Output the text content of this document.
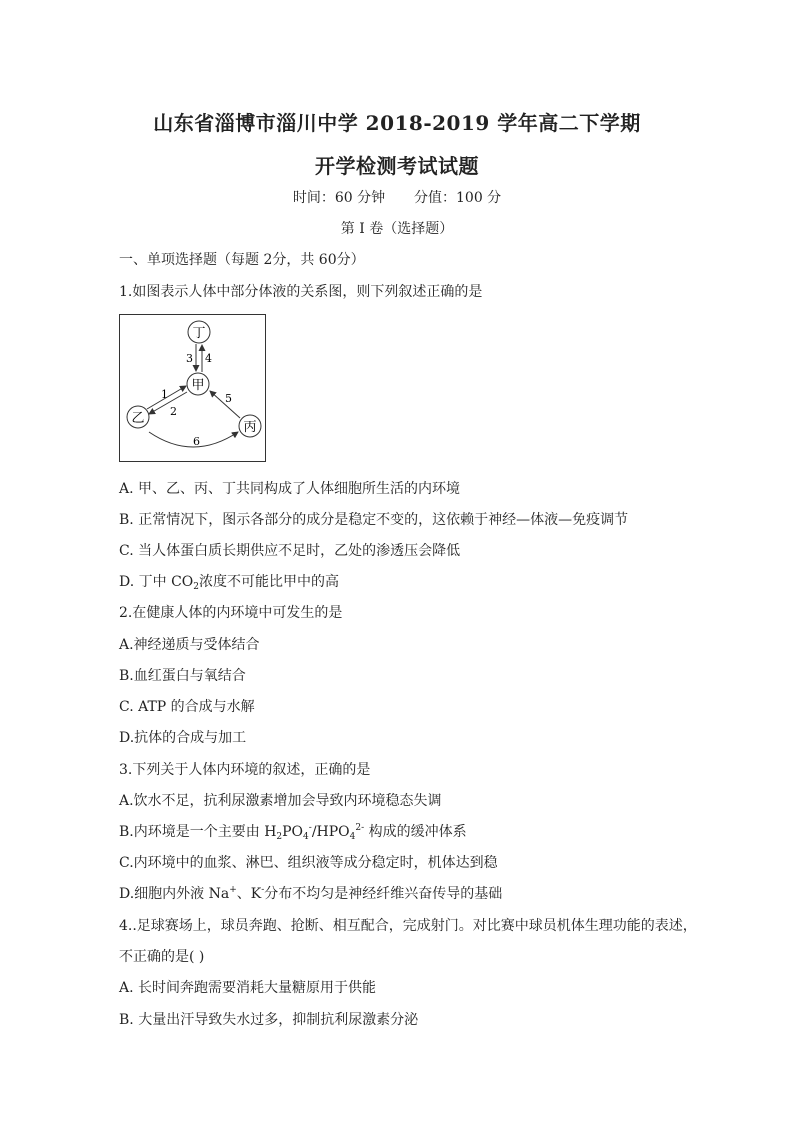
山东省淄博市淄川中学 2018-2019 学年高二下学期
开学检测考试试题
时间：60 分钟 分值：100 分
第 I 卷（选择题）
一、单项选择题（每题 2分，共 60分）
1.如图表示人体中部分体液的关系图，则下列叙述正确的是
丁
甲
乙
丙
3 4
1
2
5
6
A. 甲、乙、丙、丁共同构成了人体细胞所生活的内环境
B. 正常情况下，图示各部分的成分是稳定不变的，这依赖于神经—体液—免疫调节
C. 当人体蛋白质长期供应不足时，乙处的渗透压会降低
D. 丁中 $CO_2$浓度不可能比甲中的高
2.在健康人体的内环境中可发生的是
A.神经递质与受体结合
B.血红蛋白与氧结合
C. ATP 的合成与水解
D.抗体的合成与加工
3.下列关于人体内环境的叙述，正确的是
A.饮水不足，抗利尿激素增加会导致内环境稳态失调
B.内环境是一个主要由 $H_2PO_4^-/HPO_4^{2-}$ 构成的缓冲体系
C.内环境中的血浆、淋巴、组织液等成分稳定时，机体达到稳
D.细胞内外液 Na+、K-分布不均匀是神经纤维兴奋传导的基础
4..足球赛场上，球员奔跑、抢断、相互配合，完成射门。对比赛中球员机体生理功能的表述，
不正确的是( )
A. 长时间奔跑需要消耗大量糖原用于供能
B. 大量出汗导致失水过多，抑制抗利尿激素分泌
